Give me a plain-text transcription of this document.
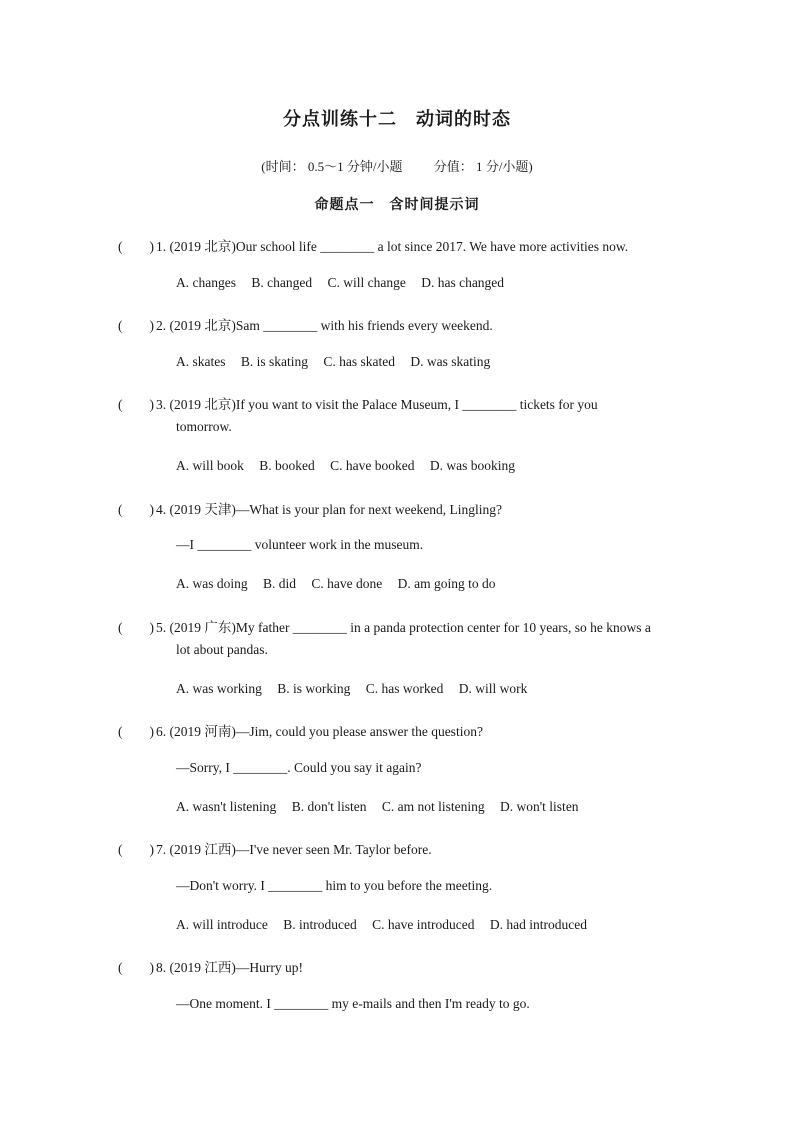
分点训练十二　动词的时态
(时间： 0.5～1 分钟/小题 分值： 1 分/小题)
命题点一　含时间提示词
(　　) 1. (2019 北京)Our school life ________ a lot since 2017. We have more activities now.
A. changes B. changed C. will change D. has changed
(　　) 2. (2019 北京)Sam ________ with his friends every weekend.
A. skates B. is skating C. has skated D. was skating
(　　) 3. (2019 北京)If you want to visit the Palace Museum, I ________ tickets for you
tomorrow.
A. will book B. booked C. have booked D. was booking
(　　) 4. (2019 天津)—What is your plan for next weekend, Lingling?
—I ________ volunteer work in the museum.
A. was doing B. did C. have done D. am going to do
(　　) 5. (2019 广东)My father ________ in a panda protection center for 10 years, so he knows a
lot about pandas.
A. was working B. is working C. has worked D. will work
(　　) 6. (2019 河南)—Jim, could you please answer the question?
—Sorry, I ________. Could you say it again?
A. wasn't listening B. don't listen C. am not listening D. won't listen
(　　) 7. (2019 江西)—I've never seen Mr. Taylor before.
—Don't worry. I ________ him to you before the meeting.
A. will introduce B. introduced C. have introduced D. had introduced
(　　) 8. (2019 江西)—Hurry up!
—One moment. I ________ my e-mails and then I'm ready to go.
